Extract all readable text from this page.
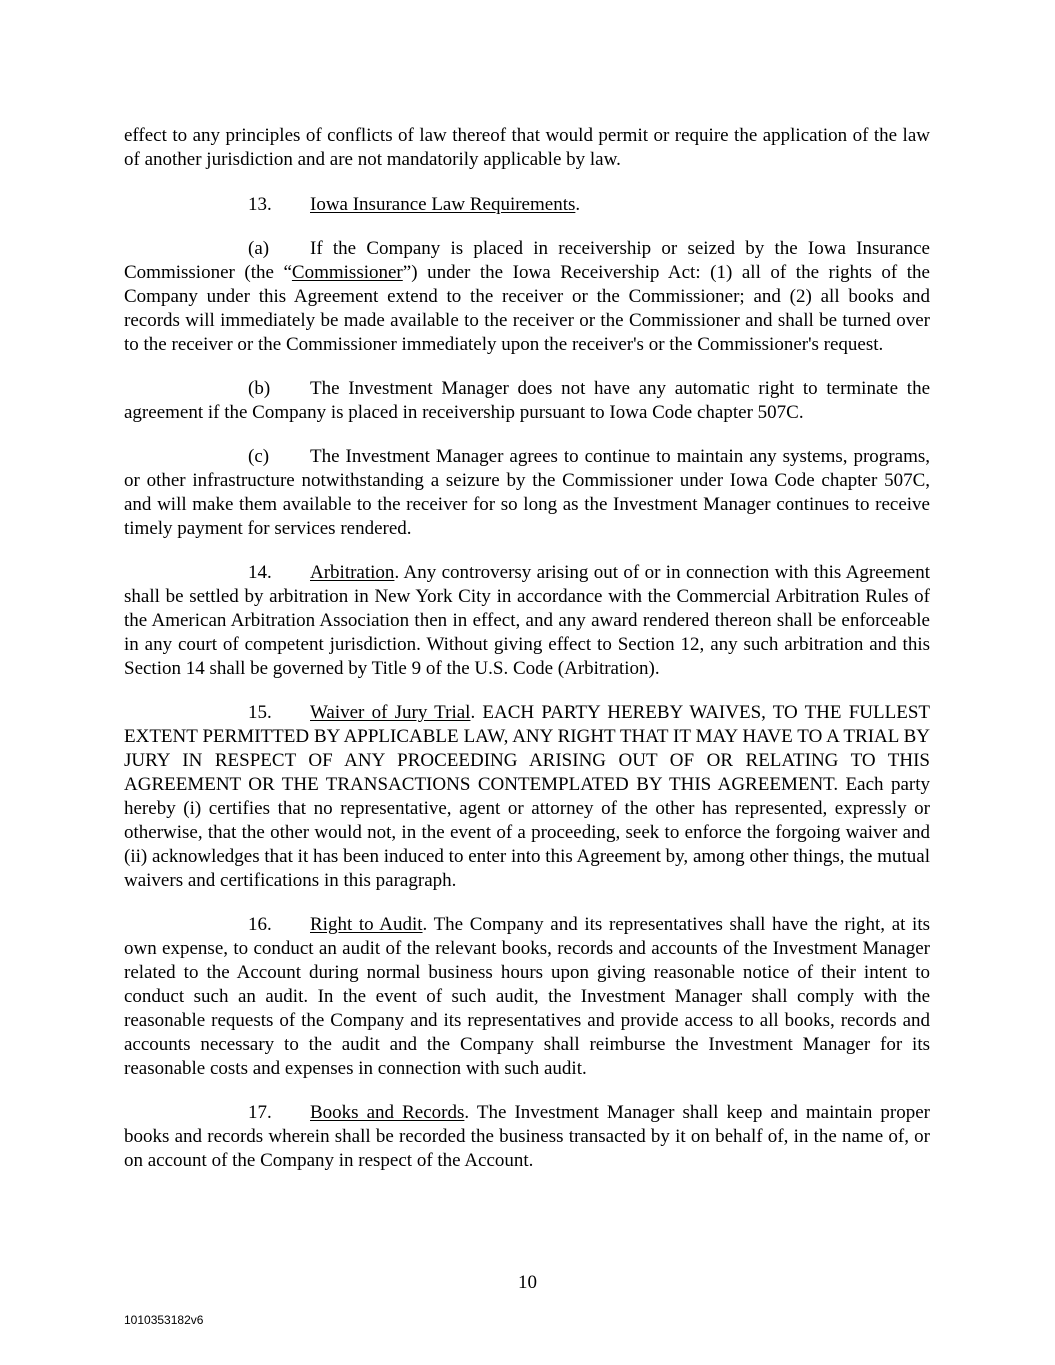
effect to any principles of conflicts of law thereof that would permit or require the application of the law of another jurisdiction and are not mandatorily applicable by law.

13. Iowa Insurance Law Requirements.

(a) If the Company is placed in receivership or seized by the Iowa Insurance Commissioner (the “Commissioner”) under the Iowa Receivership Act: (1) all of the rights of the Company under this Agreement extend to the receiver or the Commissioner; and (2) all books and records will immediately be made available to the receiver or the Commissioner and shall be turned over to the receiver or the Commissioner immediately upon the receiver's or the Commissioner's request.

(b) The Investment Manager does not have any automatic right to terminate the agreement if the Company is placed in receivership pursuant to Iowa Code chapter 507C.

(c) The Investment Manager agrees to continue to maintain any systems, programs, or other infrastructure notwithstanding a seizure by the Commissioner under Iowa Code chapter 507C, and will make them available to the receiver for so long as the Investment Manager continues to receive timely payment for services rendered.

14. Arbitration. Any controversy arising out of or in connection with this Agreement shall be settled by arbitration in New York City in accordance with the Commercial Arbitration Rules of the American Arbitration Association then in effect, and any award rendered thereon shall be enforceable in any court of competent jurisdiction. Without giving effect to Section 12, any such arbitration and this Section 14 shall be governed by Title 9 of the U.S. Code (Arbitration).

15. Waiver of Jury Trial. EACH PARTY HEREBY WAIVES, TO THE FULLEST EXTENT PERMITTED BY APPLICABLE LAW, ANY RIGHT THAT IT MAY HAVE TO A TRIAL BY JURY IN RESPECT OF ANY PROCEEDING ARISING OUT OF OR RELATING TO THIS AGREEMENT OR THE TRANSACTIONS CONTEMPLATED BY THIS AGREEMENT. Each party hereby (i) certifies that no representative, agent or attorney of the other has represented, expressly or otherwise, that the other would not, in the event of a proceeding, seek to enforce the forgoing waiver and (ii) acknowledges that it has been induced to enter into this Agreement by, among other things, the mutual waivers and certifications in this paragraph.

16. Right to Audit. The Company and its representatives shall have the right, at its own expense, to conduct an audit of the relevant books, records and accounts of the Investment Manager related to the Account during normal business hours upon giving reasonable notice of their intent to conduct such an audit. In the event of such audit, the Investment Manager shall comply with the reasonable requests of the Company and its representatives and provide access to all books, records and accounts necessary to the audit and the Company shall reimburse the Investment Manager for its reasonable costs and expenses in connection with such audit.

17. Books and Records. The Investment Manager shall keep and maintain proper books and records wherein shall be recorded the business transacted by it on behalf of, in the name of, or on account of the Company in respect of the Account.

10
1010353182v6
